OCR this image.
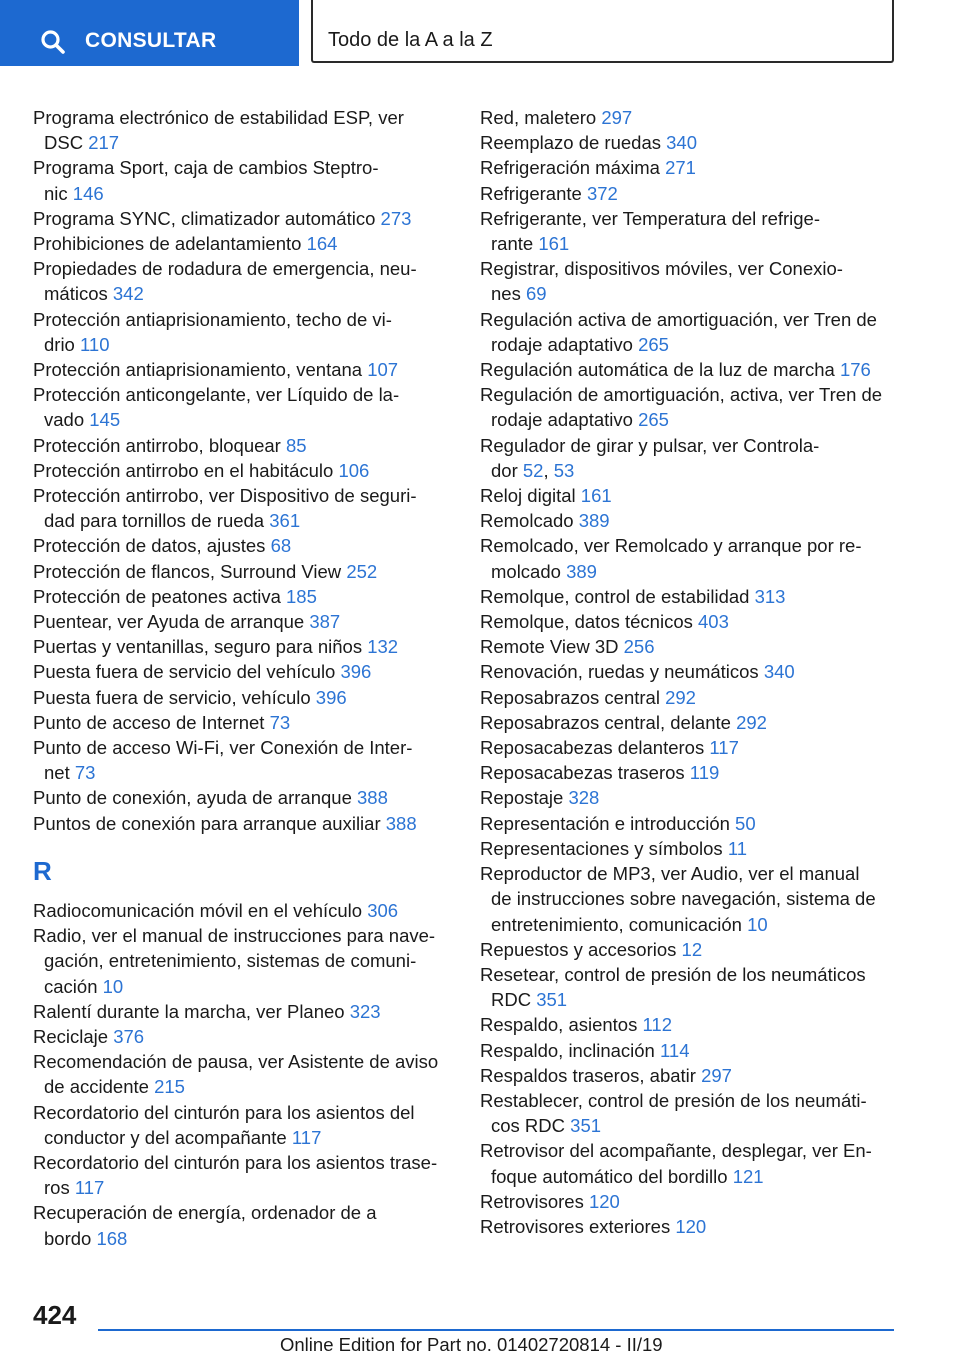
CONSULTAR	Todo de la A a la Z
Programa electrónico de estabilidad ESP, ver
DSC 217
Programa Sport, caja de cambios Steptro-
nic 146
Programa SYNC, climatizador automático 273
Prohibiciones de adelantamiento 164
Propiedades de rodadura de emergencia, neu-
máticos 342
Protección antiaprisionamiento, techo de vi-
drio 110
Protección antiaprisionamiento, ventana 107
Protección anticongelante, ver Líquido de la-
vado 145
Protección antirrobo, bloquear 85
Protección antirrobo en el habitáculo 106
Protección antirrobo, ver Dispositivo de seguri-
dad para tornillos de rueda 361
Protección de datos, ajustes 68
Protección de flancos, Surround View 252
Protección de peatones activa 185
Puentear, ver Ayuda de arranque 387
Puertas y ventanillas, seguro para niños 132
Puesta fuera de servicio del vehículo 396
Puesta fuera de servicio, vehículo 396
Punto de acceso de Internet 73
Punto de acceso Wi-Fi, ver Conexión de Inter-
net 73
Punto de conexión, ayuda de arranque 388
Puntos de conexión para arranque auxiliar 388
R
Radiocomunicación móvil en el vehículo 306
Radio, ver el manual de instrucciones para nave-
gación, entretenimiento, sistemas de comuni-
cación 10
Ralentí durante la marcha, ver Planeo 323
Reciclaje 376
Recomendación de pausa, ver Asistente de aviso
de accidente 215
Recordatorio del cinturón para los asientos del
conductor y del acompañante 117
Recordatorio del cinturón para los asientos trase-
ros 117
Recuperación de energía, ordenador de a
bordo 168
Red, maletero 297
Reemplazo de ruedas 340
Refrigeración máxima 271
Refrigerante 372
Refrigerante, ver Temperatura del refrige-
rante 161
Registrar, dispositivos móviles, ver Conexio-
nes 69
Regulación activa de amortiguación, ver Tren de
rodaje adaptativo 265
Regulación automática de la luz de marcha 176
Regulación de amortiguación, activa, ver Tren de
rodaje adaptativo 265
Regulador de girar y pulsar, ver Controla-
dor 52, 53
Reloj digital 161
Remolcado 389
Remolcado, ver Remolcado y arranque por re-
molcado 389
Remolque, control de estabilidad 313
Remolque, datos técnicos 403
Remote View 3D 256
Renovación, ruedas y neumáticos 340
Reposabrazos central 292
Reposabrazos central, delante 292
Reposacabezas delanteros 117
Reposacabezas traseros 119
Repostaje 328
Representación e introducción 50
Representaciones y símbolos 11
Reproductor de MP3, ver Audio, ver el manual
de instrucciones sobre navegación, sistema de
entretenimiento, comunicación 10
Repuestos y accesorios 12
Resetear, control de presión de los neumáticos
RDC 351
Respaldo, asientos 112
Respaldo, inclinación 114
Respaldos traseros, abatir 297
Restablecer, control de presión de los neumáti-
cos RDC 351
Retrovisor del acompañante, desplegar, ver En-
foque automático del bordillo 121
Retrovisores 120
Retrovisores exteriores 120
424
Online Edition for Part no. 01402720814 - II/19
